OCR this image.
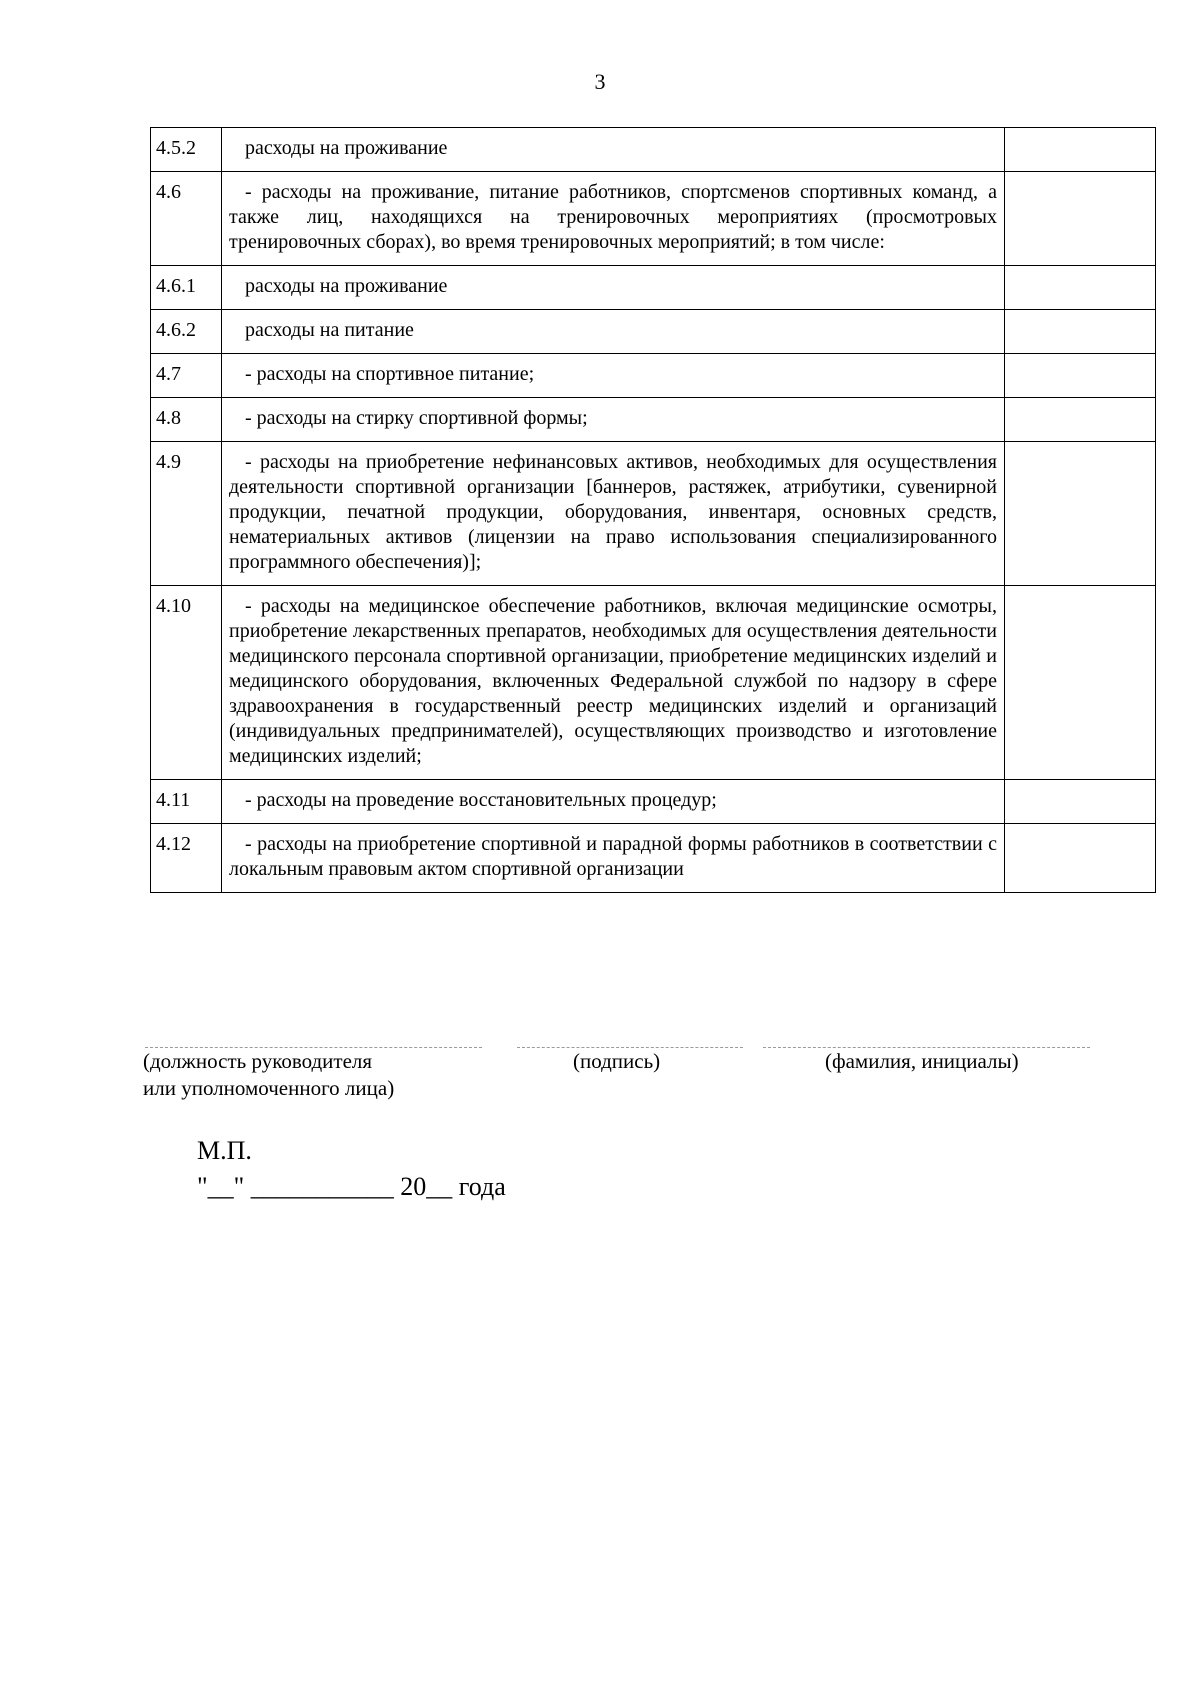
3
4.5.2	расходы на проживание	
4.6	- расходы на проживание, питание работников, спортсменов спортивных команд, а также лиц, находящихся на тренировочных мероприятиях (просмотровых тренировочных сборах), во время тренировочных мероприятий; в том числе:	
4.6.1	расходы на проживание	
4.6.2	расходы на питание	
4.7	- расходы на спортивное питание;	
4.8	- расходы на стирку спортивной формы;	
4.9	- расходы на приобретение нефинансовых активов, необходимых для осуществления деятельности спортивной организации [баннеров, растяжек, атрибутики, сувенирной продукции, печатной продукции, оборудования, инвентаря, основных средств, нематериальных активов (лицензии на право использования специализированного программного обеспечения)];	
4.10	- расходы на медицинское обеспечение работников, включая медицинские осмотры, приобретение лекарственных препаратов, необходимых для осуществления деятельности медицинского персонала спортивной организации, приобретение медицинских изделий и медицинского оборудования, включенных Федеральной службой по надзору в сфере здравоохранения в государственный реестр медицинских изделий и организаций (индивидуальных предпринимателей), осуществляющих производство и изготовление медицинских изделий;	
4.11	- расходы на проведение восстановительных процедур;	
4.12	- расходы на приобретение спортивной и парадной формы работников в соответствии с локальным правовым актом спортивной организации	
(должность руководителя
или уполномоченного лица)
(подпись)	(фамилия, инициалы)
М.П.
"__" ___________ 20__ года
